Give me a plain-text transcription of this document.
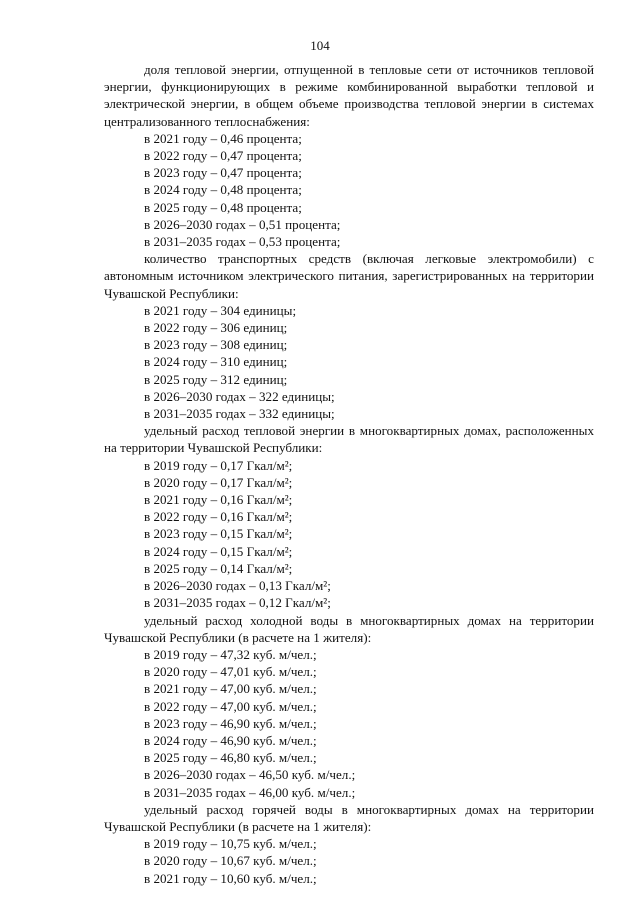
104

доля тепловой энергии, отпущенной в тепловые сети от источников тепловой энергии, функционирующих в режиме комбинированной выработки тепловой и электрической энергии, в общем объеме производства тепловой энергии в системах централизованного теплоснабжения:

в 2021 году – 0,46 процента;

в 2022 году – 0,47 процента;

в 2023 году – 0,47 процента;

в 2024 году – 0,48 процента;

в 2025 году – 0,48 процента;

в 2026–2030 годах – 0,51 процента;

в 2031–2035 годах – 0,53 процента;

количество транспортных средств (включая легковые электромобили) с автономным источником электрического питания, зарегистрированных на территории Чувашской Республики:

в 2021 году – 304 единицы;

в 2022 году – 306 единиц;

в 2023 году – 308 единиц;

в 2024 году – 310 единиц;

в 2025 году – 312 единиц;

в 2026–2030 годах – 322 единицы;

в 2031–2035 годах – 332 единицы;

удельный расход тепловой энергии в многоквартирных домах, расположенных на территории Чувашской Республики:

в 2019 году – 0,17 Гкал/м²;

в 2020 году – 0,17 Гкал/м²;

в 2021 году – 0,16 Гкал/м²;

в 2022 году – 0,16 Гкал/м²;

в 2023 году – 0,15 Гкал/м²;

в 2024 году – 0,15 Гкал/м²;

в 2025 году – 0,14 Гкал/м²;

в 2026–2030 годах – 0,13 Гкал/м²;

в 2031–2035 годах – 0,12 Гкал/м²;

удельный расход холодной воды в многоквартирных домах на территории Чувашской Республики (в расчете на 1 жителя):

в 2019 году – 47,32 куб. м/чел.;

в 2020 году – 47,01 куб. м/чел.;

в 2021 году – 47,00 куб. м/чел.;

в 2022 году – 47,00 куб. м/чел.;

в 2023 году – 46,90 куб. м/чел.;

в 2024 году – 46,90 куб. м/чел.;

в 2025 году – 46,80 куб. м/чел.;

в 2026–2030 годах – 46,50 куб. м/чел.;

в 2031–2035 годах – 46,00 куб. м/чел.;

удельный расход горячей воды в многоквартирных домах на территории Чувашской Республики (в расчете на 1 жителя):

в 2019 году – 10,75 куб. м/чел.;

в 2020 году – 10,67 куб. м/чел.;

в 2021 году – 10,60 куб. м/чел.;
